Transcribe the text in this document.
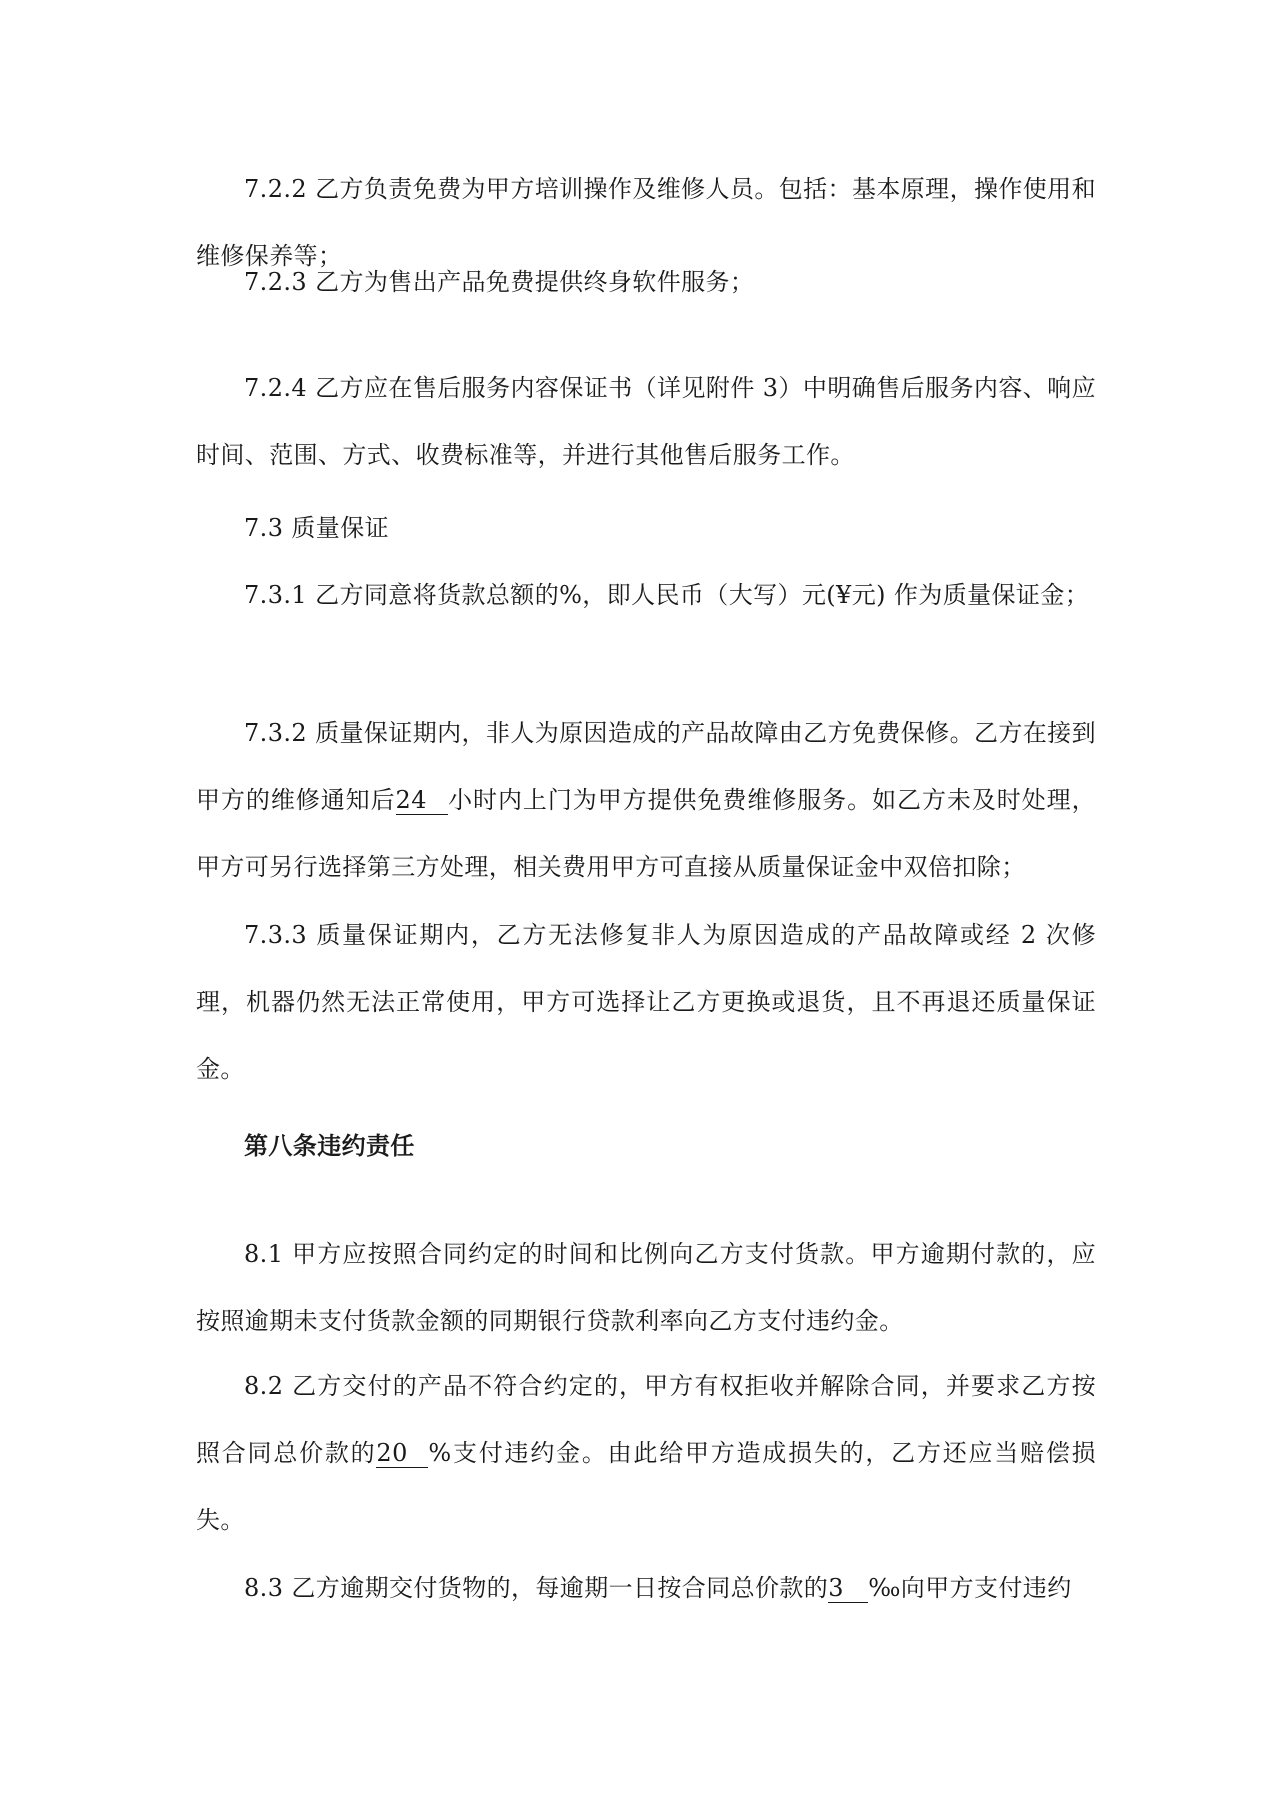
7.2.2 乙方负责免费为甲方培训操作及维修人员。包括：基本原理，操作使用和维修保养等；

7.2.3 乙方为售出产品免费提供终身软件服务；

7.2.4 乙方应在售后服务内容保证书（详见附件 3）中明确售后服务内容、响应时间、范围、方式、收费标准等，并进行其他售后服务工作。

7.3 质量保证

7.3.1 乙方同意将货款总额的%，即人民币（大写）元(¥元) 作为质量保证金；

7.3.2 质量保证期内，非人为原因造成的产品故障由乙方免费保修。乙方在接到甲方的维修通知后24 小时内上门为甲方提供免费维修服务。如乙方未及时处理，甲方可另行选择第三方处理，相关费用甲方可直接从质量保证金中双倍扣除；

7.3.3 质量保证期内，乙方无法修复非人为原因造成的产品故障或经 2 次修理，机器仍然无法正常使用，甲方可选择让乙方更换或退货，且不再退还质量保证金。

第八条违约责任

8.1 甲方应按照合同约定的时间和比例向乙方支付货款。甲方逾期付款的，应按照逾期未支付货款金额的同期银行贷款利率向乙方支付违约金。

8.2 乙方交付的产品不符合约定的，甲方有权拒收并解除合同，并要求乙方按照合同总价款的20 %支付违约金。由此给甲方造成损失的，乙方还应当赔偿损失。

8.3 乙方逾期交付货物的，每逾期一日按合同总价款的3 ‰向甲方支付违约
